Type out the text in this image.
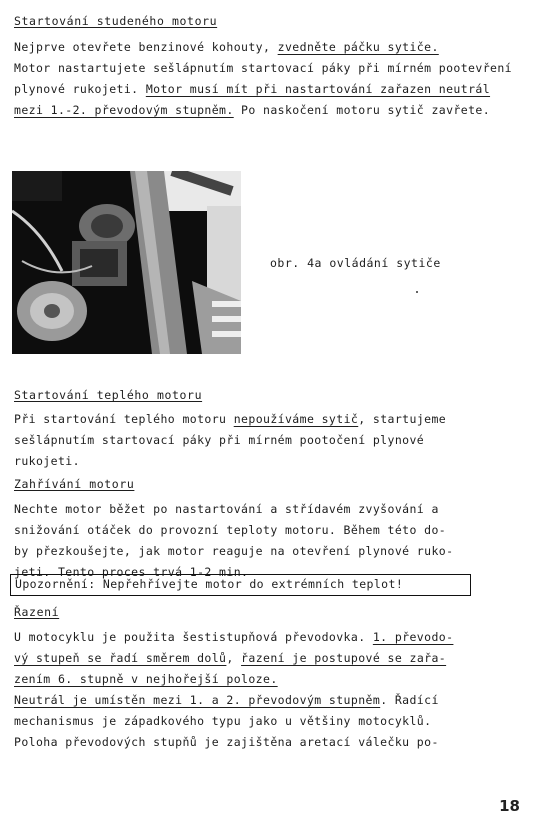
Startování studeného motoru
Nejprve otevřete benzinové kohouty, zvedněte páčku sytiče.
Motor nastartujete sešlápnutím startovací páky při mírném pootevření
plynové rukojeti. Motor musí mít při nastartování zařazen neutrál
mezi 1.-2. převodovým stupněm. Po naskočení motoru sytič zavřete.
obr. 4a ovládání sytiče
Startování teplého motoru
Při startování teplého motoru nepoužíváme sytič, startujeme
sešlápnutím startovací páky při mírném pootočení plynové
rukojeti.
Zahřívání motoru
Nechte motor běžet po nastartování a střídavém zvyšování a
snižování otáček do provozní teploty motoru. Během této do-
by přezkoušejte, jak motor reaguje na otevření plynové ruko-
jeti. Tento proces trvá 1-2 min.
Upozornění: Nepřehřívejte motor do extrémních teplot!
Řazení
U motocyklu je použita šestistupňová převodovka. 1. převodo-
vý stupeň se řadí směrem dolů, řazení je postupové se zařa-
zením 6. stupně v nejhořejší poloze.
Neutrál je umístěn mezi 1. a 2. převodovým stupněm. Řadící
mechanismus je západkového typu jako u většiny motocyklů.
Poloha převodových stupňů je zajištěna aretací válečku po-
18
